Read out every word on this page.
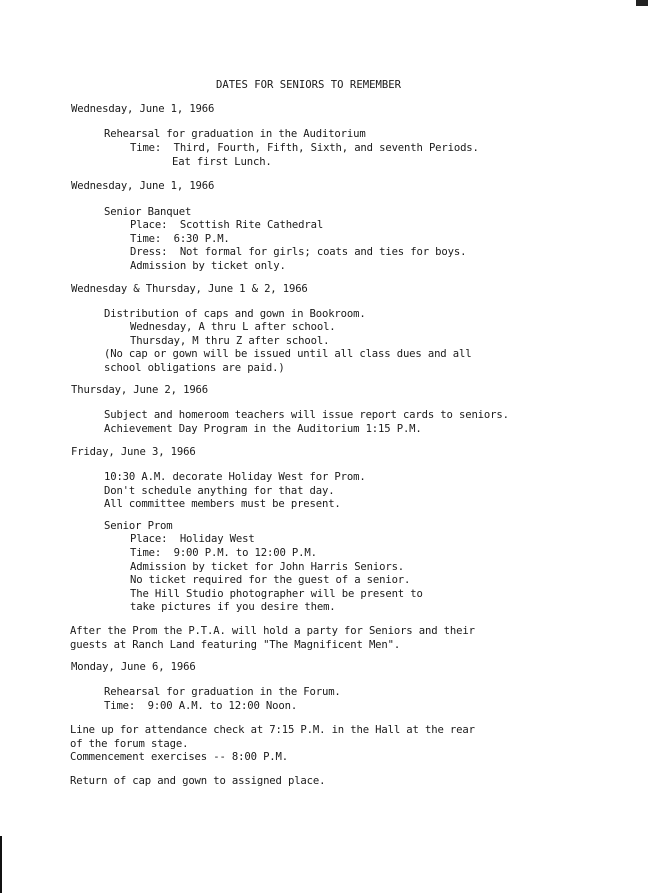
DATES FOR SENIORS TO REMEMBER
Wednesday, June 1, 1966
Rehearsal for graduation in the Auditorium
Time:  Third, Fourth, Fifth, Sixth, and seventh Periods.
Eat first Lunch.
Wednesday, June 1, 1966
Senior Banquet
Place:  Scottish Rite Cathedral
Time:  6:30 P.M.
Dress:  Not formal for girls; coats and ties for boys.
Admission by ticket only.
Wednesday & Thursday, June 1 & 2, 1966
Distribution of caps and gown in Bookroom.
Wednesday, A thru L after school.
Thursday, M thru Z after school.
(No cap or gown will be issued until all class dues and all
school obligations are paid.)
Thursday, June 2, 1966
Subject and homeroom teachers will issue report cards to seniors.
Achievement Day Program in the Auditorium 1:15 P.M.
Friday, June 3, 1966
10:30 A.M. decorate Holiday West for Prom.
Don't schedule anything for that day.
All committee members must be present.
Senior Prom
Place:  Holiday West
Time:  9:00 P.M. to 12:00 P.M.
Admission by ticket for John Harris Seniors.
No ticket required for the guest of a senior.
The Hill Studio photographer will be present to
take pictures if you desire them.
After the Prom the P.T.A. will hold a party for Seniors and their
guests at Ranch Land featuring "The Magnificent Men".
Monday, June 6, 1966
Rehearsal for graduation in the Forum.
Time:  9:00 A.M. to 12:00 Noon.
Line up for attendance check at 7:15 P.M. in the Hall at the rear
of the forum stage.
Commencement exercises -- 8:00 P.M.
Return of cap and gown to assigned place.
